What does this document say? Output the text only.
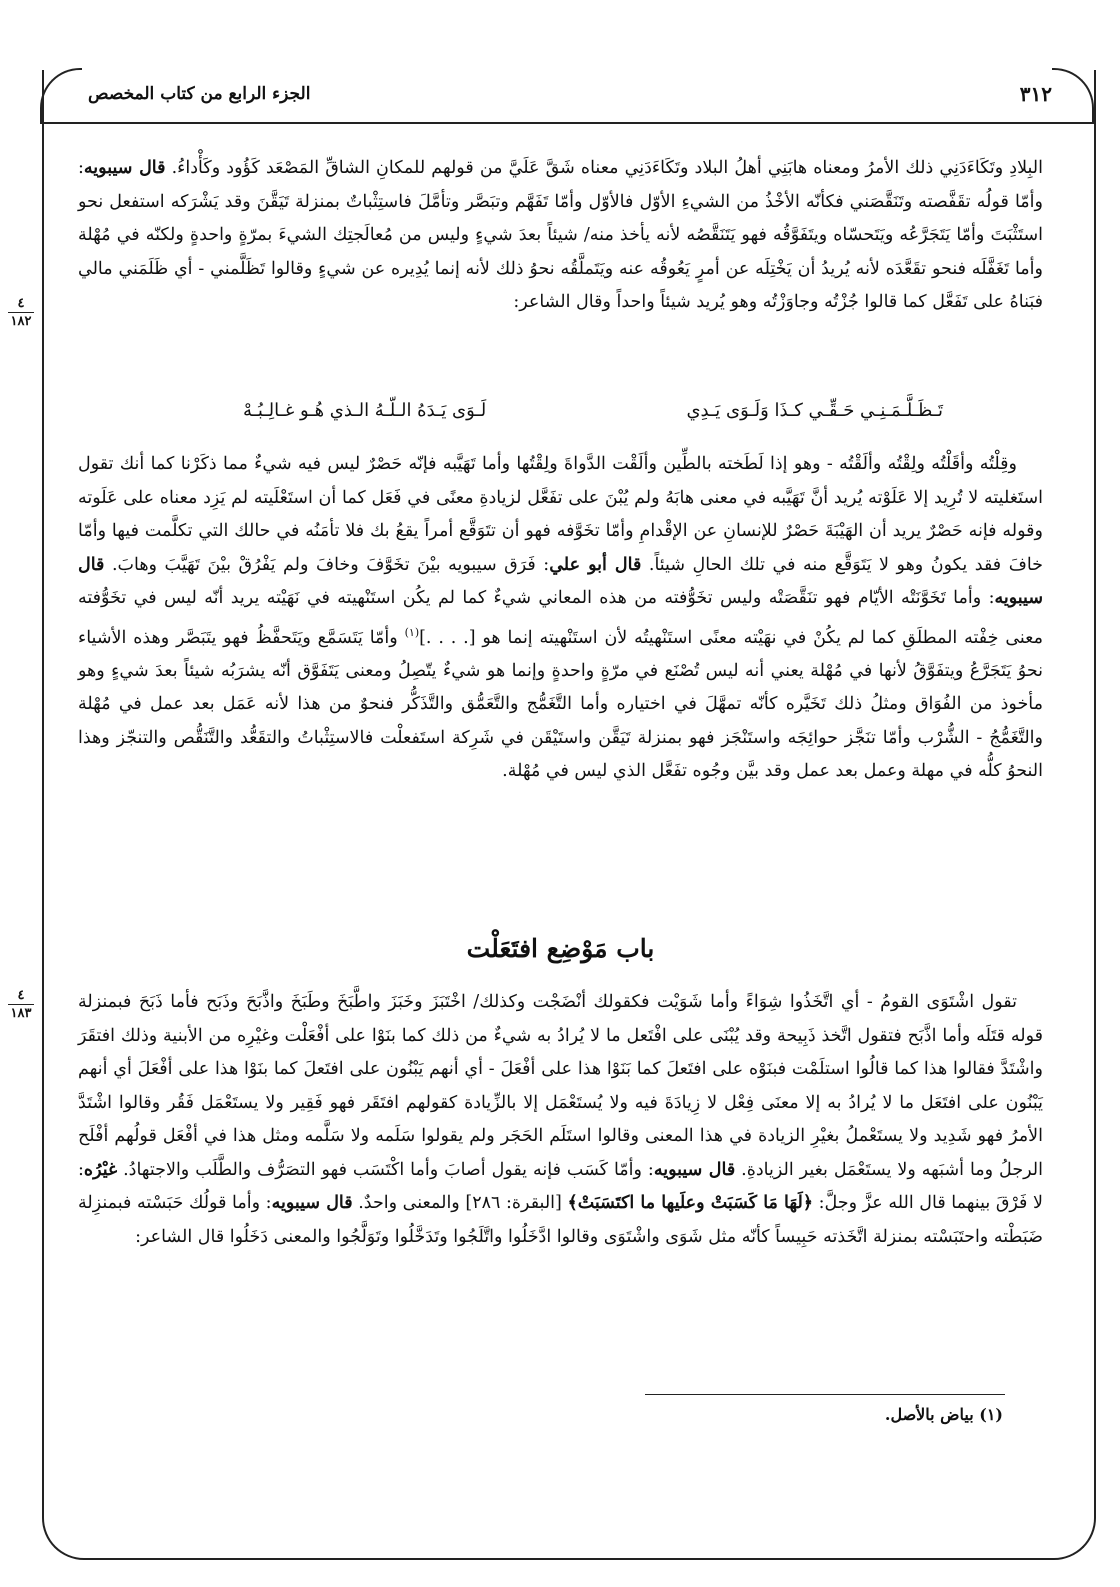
الجزء الرابع من كتاب المخصص	٣١٢
٤
١٨٢
٤
١٨٣

البِلادِ وتَكَاءَدَنِي ذلك الأمرُ ومعناه هابَنِي أهلُ البلاد وتَكَاءَدَنِي معناه شَقَّ عَلَيَّ من قولهم للمكانِ الشاقِّ المَصْعَد كَؤُود وكَأْداءُ. قال سيبويه: وأمّا قولُه تقَفَّصته وتَنَقَّصَني فكأنّه الأخْذُ من الشيءِ الأوّل فالأوّل وأمّا تَفَهَّم وتبَصَّر وتأمَّلَ فاستِثْباتٌ بمنزلة تَيَقَّنَ وقد يَشْرَكه استفعل نحو استَثْبَتَ وأمّا يَتَجَرَّعُه ويَتَحسّاه ويتَفَوَّقُه فهو يَتَنَقَّصُه لأنه يأخذ منه/ شيئاً بعدَ شيءٍ وليس من مُعالَجتِك الشيءَ بمرّةٍ واحدةٍ ولكنّه في مُهْلة وأما تَغَفَّلَه فنحو تقَعَّدَه لأنه يُريدُ أن يَخْتِلَه عن أمرٍ يَعُوقُه عنه ويَتَملَّقُه نحوُ ذلك لأنه إنما يُدِيره عن شيءٍ وقالوا تَظَلَّمني - أي ظَلَمَني مالي فبَناهُ على تَفَعَّل كما قالوا جُزْتُه وجاوَزْتُه وهو يُريد شيئاً واحداً وقال الشاعر:

تَـظَـلَّـمَـنِـي حَـقِّـي كـذَا وَلَـوَى يَـدِي
لَـوَى يَـدَهُ الـلّـهُ الـذي هُـو غـالِـبُـهْ

وقِلْتُه وأقَلْتُه ولِقْتُه وألَقْتُه - وهو إذا لَطَخته بالطِّين وألَقْت الدَّواةَ ولِقْتُها وأما تَهَيَّبه فإنّه حَصْرٌ ليس فيه شيءٌ مما ذكَرْنا كما أنك تقول استَغليته لا تُرِيد إلا عَلَوْته يُريد أنَّ تَهَيَّبه في معنى هابَهُ ولم يُبْنَ على تفَعَّل لزيادةِ معنًى في فَعَل كما أن استَعْلَيته لم يَزِد معناه على عَلَوته وقوله فإنه حَصْرٌ يريد أن الهَيْبَةَ حَصْرٌ للإنسانِ عن الإقْدامِ وأمّا تخَوَّفه فهو أن تتَوَقَّع أمراً يقعُ بك فلا تأمَنُه في حالك التي تكلَّمت فيها وأمّا خافَ فقد يكونُ وهو لا يَتَوَقَّع منه في تلك الحالِ شيئاً. قال أبو علي: فَرَق سيبويه بيْنَ تخَوَّفَ وخافَ ولم يَفْرُقْ بيْنَ تَهَيَّبَ وهابَ. قال سيبويه: وأما تَخَوَّنَتْه الأيّام فهو تنَقَّصَتْه وليس تخَوُّفته من هذه المعاني شيءٌ كما لم يكُن استَنْهيته في نَهَيْته يريد أنّه ليس في تخَوُّفته معنى خِفْته المطلَقِ كما لم يكُنْ في نهَيْته معنًى استَنْهيتُه لأن استَنْهيته إنما هو [. . . .]$^{(١)}$ وأمّا يَتَسَمَّع ويَتَحفَّظُ فهو يتَبَصَّر وهذه الأشياء نحوُ يَتَجَرَّعُ ويتفَوَّقُ لأنها في مُهْلة يعني أنه ليس تُصْنَع في مرّةٍ واحدةٍ وإنما هو شيءٌ يتّصِلُ ومعنى يَتَفَوَّق أنّه يشرَبُه شيئاً بعدَ شيءٍ وهو مأخوذ من الفُوَاق ومثلُ ذلك تَخَيَّره كأنّه تمهَّلَ في اختياره وأما التَّغَمُّج والتَّعَمُّق والتَّذَكُّر فنحوٌ من هذا لأنه عَمَل بعد عمل في مُهْلة والتَّغَمُّجُ - الشُّرْب وأمّا تنَجَّز حوائِجَه واستَنْجَز فهو بمنزلة تَيَقَّن واستَيْقَن في شَرِكة استَفعلْت فالاستِثْباتُ والتقَعُّد والتَّنَقُّص والتنجّز وهذا النحوُ كلُّه في مهلة وعمل بعد عمل وقد بيَّن وجُوه تفَعَّل الذي ليس في مُهْلة.

باب مَوْضِع افتَعَلْت

تقول اشْتَوَى القومُ - أي اتَّخَذُوا شِوَاءً وأما شَوَيْت فكقولك أنْضَجْت وكذلك/ اخْتَبَزَ وخَبَزَ واطَّبَخَ وطَبَخَ واذَّبَحَ وذَبَح فأما ذَبَحَ فبمنزلة قوله قتَلَه وأما اذَّبَح فتقول اتَّخذ ذَبِيحة وقد يُبْنَى على افْتَعل ما لا يُرادُ به شيءٌ من ذلك كما بنَوْا على أفْعَلْت وغيْرِه من الأبنية وذلك افتقَرَ واشْتَدَّ فقالوا هذا كما قالُوا استلَمْت فبنَوْه على افتَعلَ كما بَنَوْا هذا على أفْعَلَ - أي أنهم يَبْنُون على افتَعلَ كما بنَوْا هذا على أفْعَلَ أي أنهم يَبْنُون على افتَعَل ما لا يُرادُ به إلا معنَى فِعْل لا زِيادَةَ فيه ولا يُستَعْمَل إلا بالزِّيادة كقولهم افتَقَر فهو فَقِير ولا يستَعْمَل فَقُر وقالوا اشْتَدَّ الأمرُ فهو شَدِيد ولا يستَعْملُ بغيْرِ الزيادة في هذا المعنى وقالوا استَلَم الحَجَر ولم يقولوا سَلَمه ولا سَلَّمه ومثل هذا في أفْعَل قولُهم أفْلَح الرجلُ وما أشبَهه ولا يستَعْمَل بغير الزيادةِ. قال سيبويه: وأمّا كَسَب فإنه يقول أصابَ وأما اكْتَسَب فهو التصَرُّف والطَّلَب والاجتهادُ. غيْرُه: لا فَرْقَ بينهما قال الله عزَّ وجلَّ: ﴿لَهَا مَا كَسَبَتْ وعلَيها ما اكتَسَبَتْ﴾ [البقرة: ٢٨٦] والمعنى واحدٌ. قال سيبويه: وأما قولُك حَبَسْته فبمنزِلة ضَبَطْته واحتَبَسْته بمنزلة اتَّخَذته حَبِيساً كأنّه مثل شَوَى واشْتَوَى وقالوا ادَّخَلُوا واتَّلَجُوا وتَدَخَّلُوا وتَوَلَّجُوا والمعنى دَخَلُوا قال الشاعر:

(١) بياض بالأصل.
